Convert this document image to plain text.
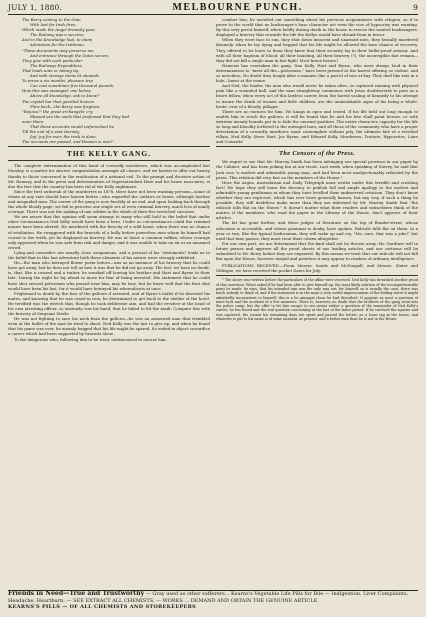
JULY 1, 1880.	MELBOURNE PUNCH.	9
The Barry coming to the Gate
With lust for Irish fires,
Which made the Angel drowsily pass
The Railway was a success;
And in the Knowledge had, to claim
Admission for the Irishman.
"These documents may preserve me,
And entrance through the Gates secure,
They give with each particular
The Railways Expenditure,
That leads unto or taking tip,
And with strange items lit abounds
To prove a six months' pleasure trip
Can cost sometimes five thousand pounds;
How this was managed, one below,
Above all knowledge, ask to know!"
The crystal bar that guarded heaven
Flew back—the Barry was forgiven.
"Rejoice!" the great archangels' cry
Blessed are the souls that professed that they had
none there
That these accounts would unfurnished be
Till the end of a vast eternity,
Joy! joy for ever, the trick is done,
The accounts are passed, and Heaven is won!"
THE KELLY GANG.

The complete extermination of this band of cowardly murderers, which was accomplished last Monday, is a matter for sincere congratulation amongst all classes, and we hasten to offer our hearty thanks to those concerned in the eradication of a national evil. To the prompt and decisive action of Mr. Ramsay, and to the great and determination of Superintendent Hare and his brave associates, is due the fact that the country has been rid of the Kelly nightmare.

Since the first outbreak of the murderers in 1878, there have not been wanting persons—some of whom at any rate should have known better—who regarded the outlaws as brave, although lawless and misguided men. The career of the gang is now forcibly at an end, and upon looking back through the whole bloody page, we fail to perceive one single act of even criminal bravery, much less of manly courage. There was not the making of one soldier in the whole of their five wretched carcases.

We are aware that this opinion will seem strange to many who still hold to the belief that under other circumstances Ned Kelly would have been a hero. Under no circumstances could the criminal nature have been altered. He murdered with the ferocity of a wild beast, when there was no chance of retaliation. He swaggered with the bravado of a bully before powerless men whom he himself had cowed to the teeth, yet he displayed no bravery. He was at heart a common ruffian, whose courage only appeared when he was safe from risk and danger, and it was unable to take an air at an unarmed crowd.

Lying and cowardice are usually close companions, and a perusal of his "statements" leads us to the belief that in this last adventure both these elements of his nature were strongly exhibited.

He—the man who betrayed flower poem before—was as an instance of his bravery that he could have got away; but he does not tell us how it was that he did not go away. The fact, we have no doubt, is, that, like a coward and a traitor, he sneaked off leaving his brother and Hart and Byrne to their fate. During the night he lay afraid to move for fear of being arrested. His statement that he could have shot several policemen who passed near him, may be true, but he knew well that the first shot would have been his last, for it would have betrayed his whereabouts at once.

Frightened to death by the fear of the gallows if arrested, and of Byrne's bullet if he deserted his mates, and knowing that he was cased in iron, he determined to get back to the shelter of the hotel. He terrified was the wretch that, though he took deliberate aim, and had the revolver at the head of his own arresting officer, so unsteady was his hand, that he failed to hit the mark. Compare this with the bravery of Sergeant Steele.

He was not fighting to save his neck from the gallows—he was an armoured man that trembled even at the bullet of the man he tried to shoot. Ned Kelly was the last to give up; and when he found that his game was over, he meanly begged that his life might be spared. So ended in abject cowardice a career which had been supported by bravado alone.

To the dangerous who, following him to be tried, endeavoured to excuse him,

comfort him, he unveiled out something about his previous acquaintance with religion, as if to prove to the world that no bushranger's base character act even the vice of hypocrisy was wanting. By this very priest himself, when boldly during death in the house to rescue the wanted bushrangers, displayed a bravery that rewards the life the Kellys would have shrunk from in terror.

When they were face to sun, they shot down innocent and unarmed men, they brutally murdered Kennedy, when he lay dying and begged that his life might be allowed the bare chance of recovery. They offered to let leave to them they knew that their security lay in their bullet-proof armour. And with all their baptism of blood, all their boasting, all their bravery (?), the incorrigible fast remain—they did not kill a single man in fair fight! Most brave heroes!

Nemesis has overtaken the gang. Dan Kelly, Hart and Byrne, who were always loud in their determination to "meet all the—policemen," have been pressed at the barest offering so violent, and so merciless. No doubt they fought after a manner, like a parcel of rats at bay. They died like rats in a hole—burnt at the venue.

And Ned, the leader, the man who would never be taken alive—is captured running with physical pain like a wounded bull, and the man straightway communes with Jesus doubtsworth to pass as a brave fellow, when every act of this lawless career, from the horrid scaling of Kennedy to his attempt to insure the death of women and little children, are the unmistakable signs of his being a whole-brute, over of a bloody, pillager.

There are no excuses for him. He hangs in open and tested. If his life held out long enough to enable him to reach the gallows, it will be found that he and his fate shall paint heroes, or with extreme meanly bounds put in to hide the unusual qualities. The entire character, capacity for the life so long and bloodily forfeited to the outraged laws, and all those of the community who have a proper detestation of a cowardly murderer, must contemplate without pity, the ultimate fate of a revolted villain. Ned Kelly, Steve Hart, Joe Byrne, and Edward Kelly, Murderers, Traitors, Hypocrites, Liars and Cowards!

The Censors of the Press.

We regret to see that Mr. Murray Smith has been infringing our special province in our paper by the Cabinet, and has been poking fun at our rivals. Last week, when speaking of Surrey, he said that Jack was "a modest and admirable young man, and had been most unobjectionably ridiculed by the press. This relation did very fast on the members of the House."

Here the Argus, Australasian and Daily Telegraph must writhe under this terrible and crushing fact! We hope they will learn the decency to publish full and ample apology to the modest and admirable young gentleman at whom they have levelled their undeserved criticism. They don't know whether they are reproved, which has ever been generally known, but any way, if such a thing be possible, they will doubtless make more than they are informed by Mr. Murray Smith that "the ridicule falls flat on the House." It doesn't matter what their readers and subscribers think of the matter, if the members, who read the paper in the Library of the House, don't approve of their articles.

The fat has gone further, and these judges of literature on the top of Bourke-street, whose education is accessible, and whose grammar is deaky, have spoken. Ridicule falls flat on them. In a year or two, like the typical Irishwoman, they will wake up and cry, "Ma, sure, that was a joke!" but until that time passes, they must treat their citizen altogether.

For our own part, we are determined that the kind shall not be thrown away. Mr. Gardiner will in future peruse and approve all the proof sheets of our leading articles, and our cartoons will be submitted to Mr. Berry before they are engraved. By this means we trust that our ridicule will not fall flat upon the House, however insipid and pointless it may appear to readers of ordinary intelligence.

PUBLICATIONS RECEIVED.—From Messrs. Sands and McDougall, and Messrs. Slater and Gillespie, we have received the pocket Dates for July.

* The above was written before the particulars of the affair were received. Ned Kelly has furnished another proof of this assertion. When asked if he had been able to give himself up, the most likely solution of the incomprehensible point he made, he says, that his intended aim was the only way out; for himself, as is usually the case, there was much nobody to think of; and if the statement is in the main a very useful impersonation of the boiling water it might admittedly inconsistent to himself; this is a lie amongst those he had described. It appears as most a question of mere luck and the accident of a few moments. There is, however, no doubt that the brothers of the gang went into the police camp, but the offer to let him escape to sea seems rather a question of the remainder of Ned Kelly's career; he has found and the real question concerning at the last of the latter period. If he survived the injuries and was captured, the sooner his remaining days are spent and passed the better; as a loose tag in the house, and whatever is put to his name is of some moment, at present; and a better man than he is not in the House.

Friends in Need—True and Trustworthy — Gray used as other sufferers... Kearns's Vegetable Life Pills for Bile — Indigestion, Liver Complaints, Headache, Heartburn. — SEE EXTRACT ALL CHEMISTS. — WORKS ... DEMAND AND OBTAIN THE GENUINE ARTICLE.
KEARNS'S PILLS — OF ALL CHEMISTS AND STOREKEEPERS
